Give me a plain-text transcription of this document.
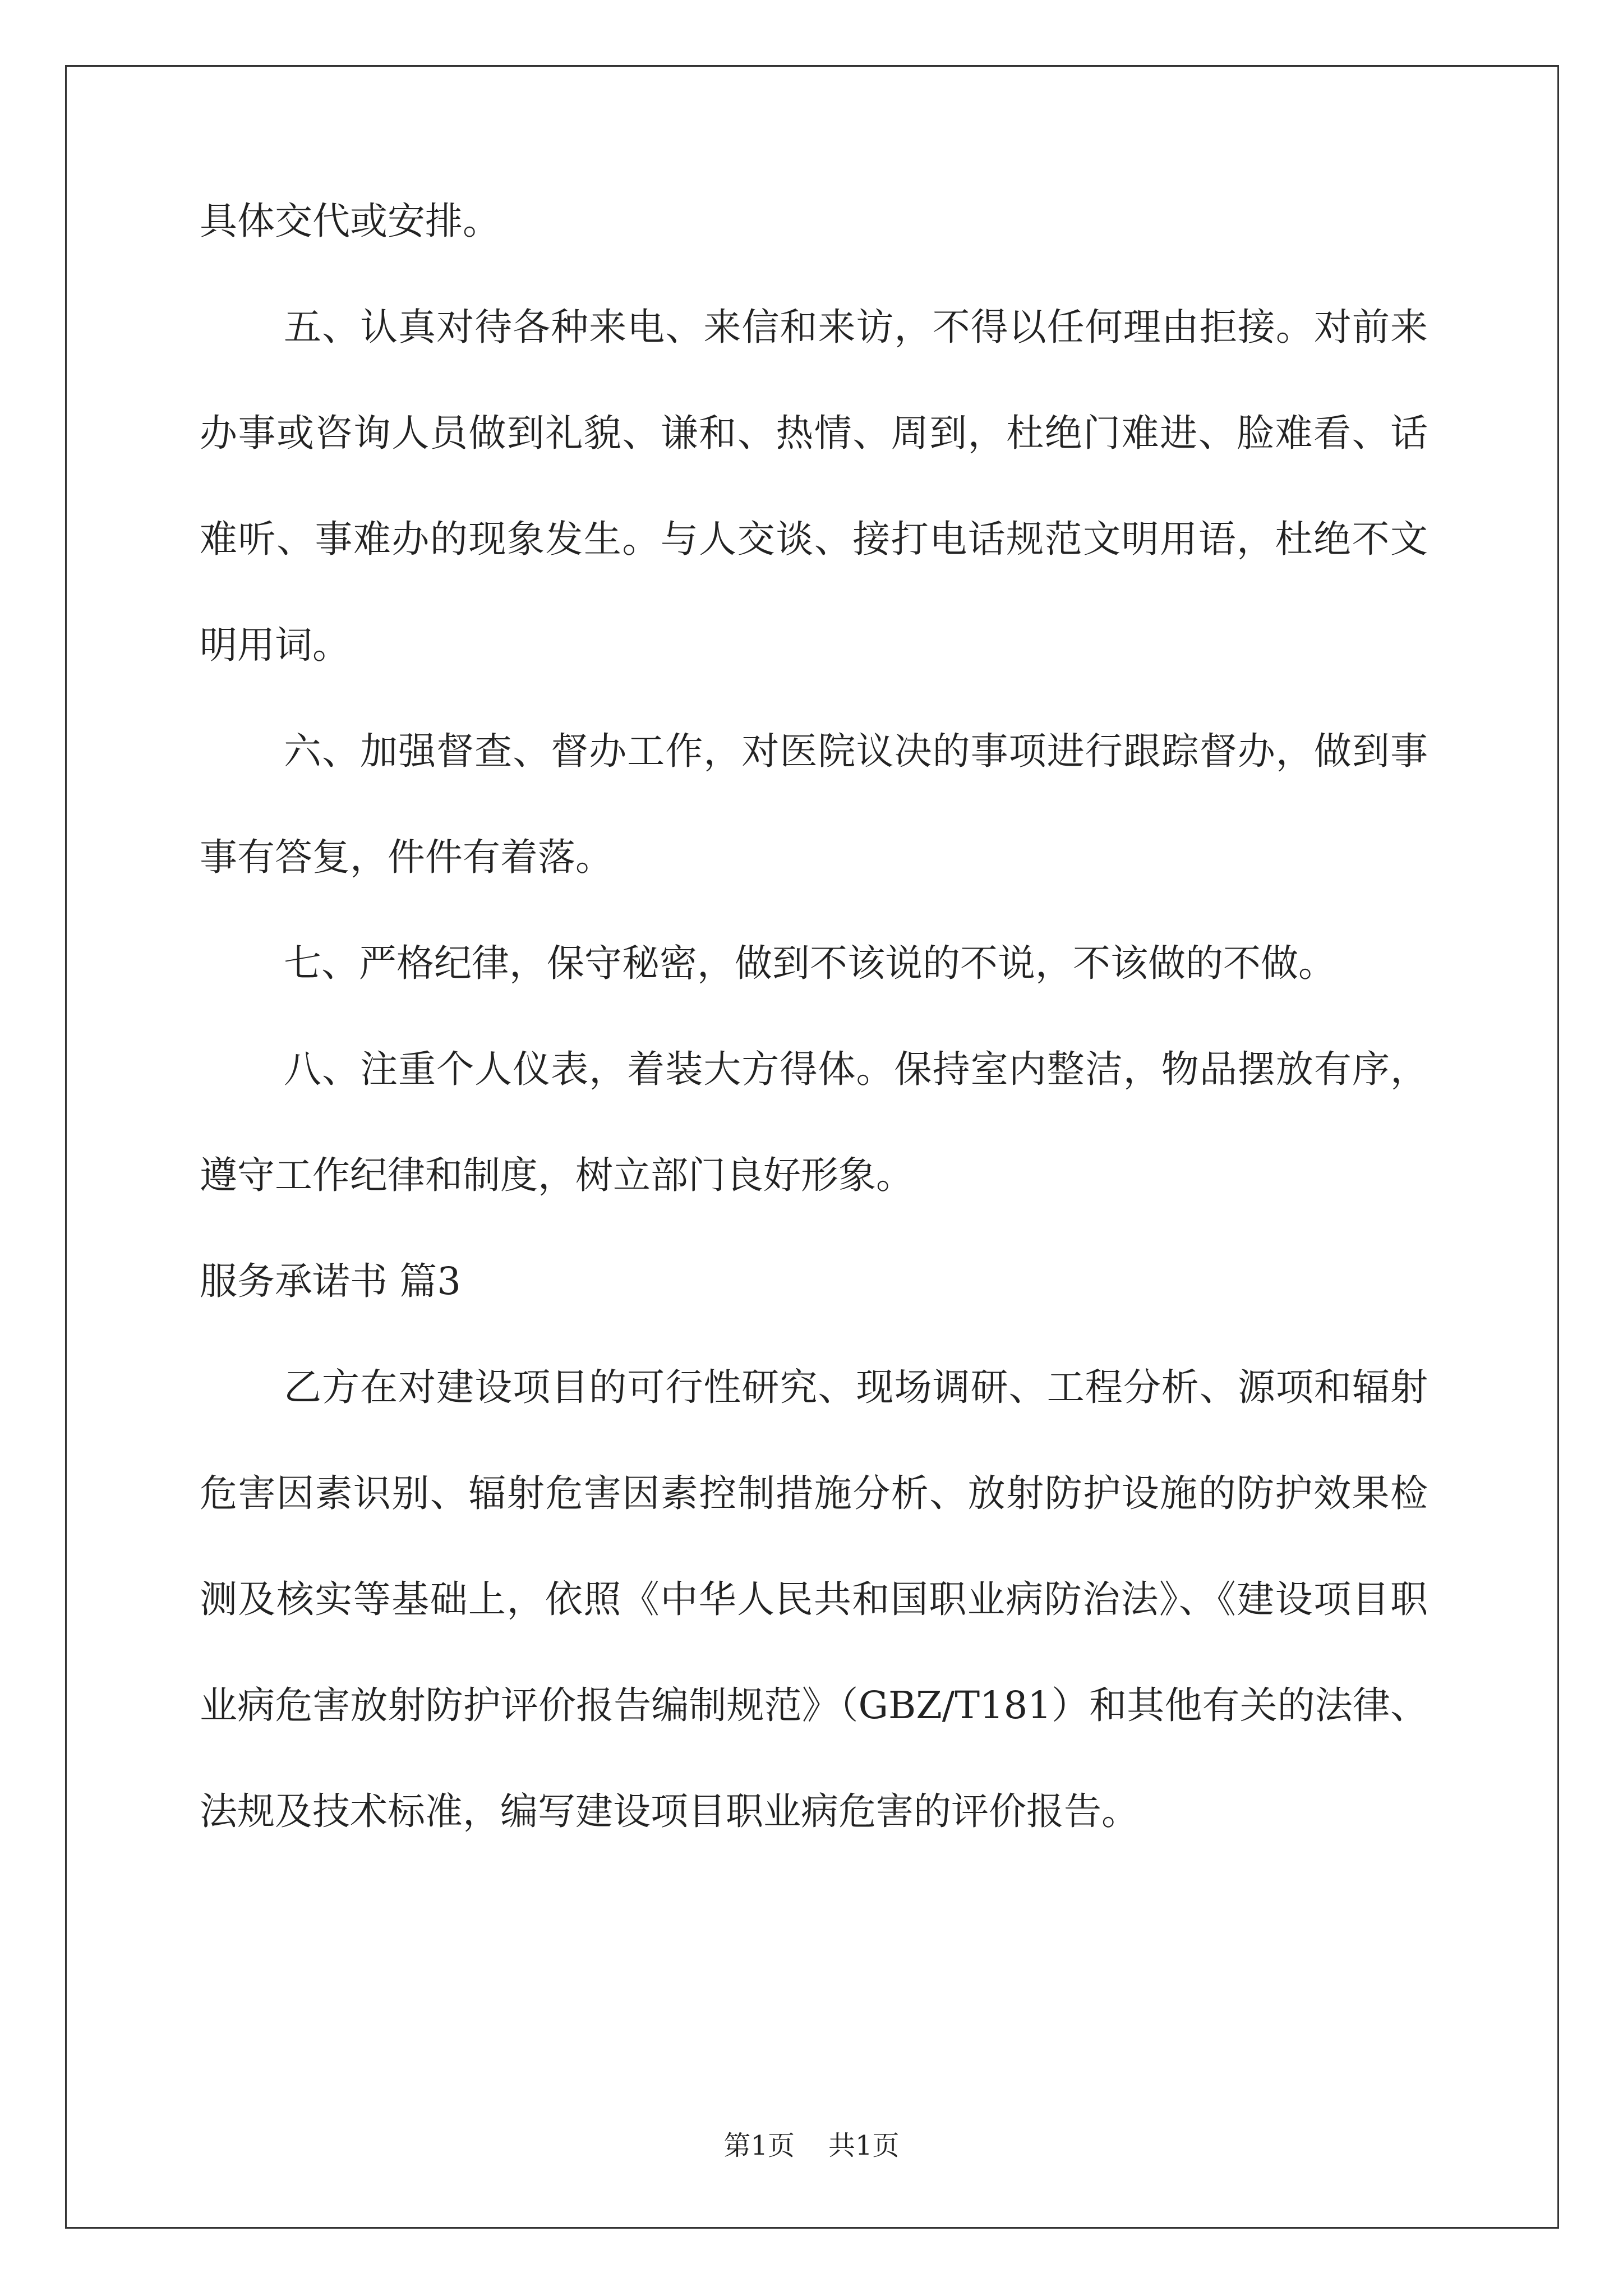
具体交代或安排。

五、认真对待各种来电、来信和来访，不得以任何理由拒接。对前来办事或咨询人员做到礼貌、谦和、热情、周到，杜绝门难进、脸难看、话难听、事难办的现象发生。与人交谈、接打电话规范文明用语，杜绝不文明用词。

六、加强督查、督办工作，对医院议决的事项进行跟踪督办，做到事事有答复，件件有着落。

七、严格纪律，保守秘密，做到不该说的不说，不该做的不做。

八、注重个人仪表，着装大方得体。保持室内整洁，物品摆放有序，遵守工作纪律和制度，树立部门良好形象。

服务承诺书 篇3

乙方在对建设项目的可行性研究、现场调研、工程分析、源项和辐射危害因素识别、辐射危害因素控制措施分析、放射防护设施的防护效果检测及核实等基础上，依照《中华人民共和国职业病防治法》、《建设项目职业病危害放射防护评价报告编制规范》（GBZ/T181）和其他有关的法律、法规及技术标准，编写建设项目职业病危害的评价报告。

第1页 共1页
